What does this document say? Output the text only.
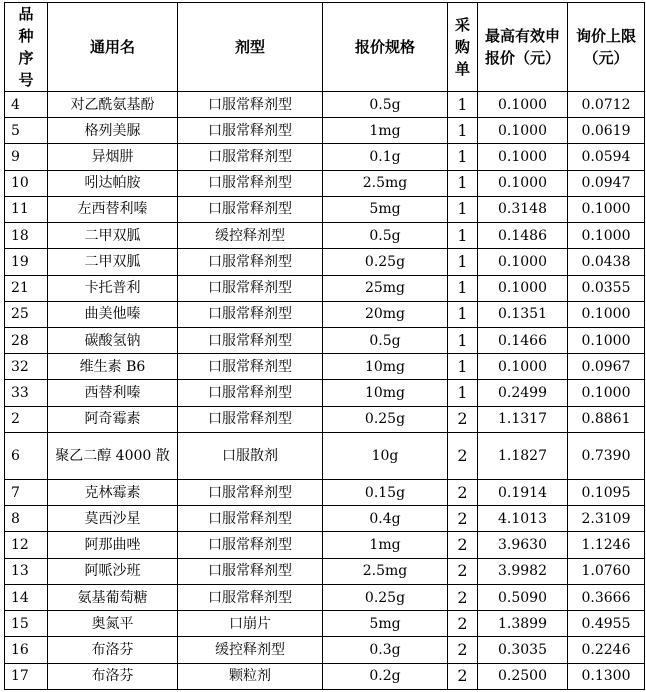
品种序号	通用名	剂型	报价规格	采购单	最高有效申报价（元）	询价上限（元）
4	对乙酰氨基酚	口服常释剂型	0.5g	1	0.1000	0.0712
5	格列美脲	口服常释剂型	1mg	1	0.1000	0.0619
9	异烟肼	口服常释剂型	0.1g	1	0.1000	0.0594
10	吲达帕胺	口服常释剂型	2.5mg	1	0.1000	0.0947
11	左西替利嗪	口服常释剂型	5mg	1	0.3148	0.1000
18	二甲双胍	缓控释剂型	0.5g	1	0.1486	0.1000
19	二甲双胍	口服常释剂型	0.25g	1	0.1000	0.0438
21	卡托普利	口服常释剂型	25mg	1	0.1000	0.0355
25	曲美他嗪	口服常释剂型	20mg	1	0.1351	0.1000
28	碳酸氢钠	口服常释剂型	0.5g	1	0.1466	0.1000
32	维生素 B6	口服常释剂型	10mg	1	0.1000	0.0967
33	西替利嗪	口服常释剂型	10mg	1	0.2499	0.1000
2	阿奇霉素	口服常释剂型	0.25g	2	1.1317	0.8861
6	聚乙二醇 4000 散	口服散剂	10g	2	1.1827	0.7390
7	克林霉素	口服常释剂型	0.15g	2	0.1914	0.1095
8	莫西沙星	口服常释剂型	0.4g	2	4.1013	2.3109
12	阿那曲唑	口服常释剂型	1mg	2	3.9630	1.1246
13	阿哌沙班	口服常释剂型	2.5mg	2	3.9982	1.0760
14	氨基葡萄糖	口服常释剂型	0.25g	2	0.5090	0.3666
15	奥氮平	口崩片	5mg	2	1.3899	0.4955
16	布洛芬	缓控释剂型	0.3g	2	0.3035	0.2246
17	布洛芬	颗粒剂	0.2g	2	0.2500	0.1300
